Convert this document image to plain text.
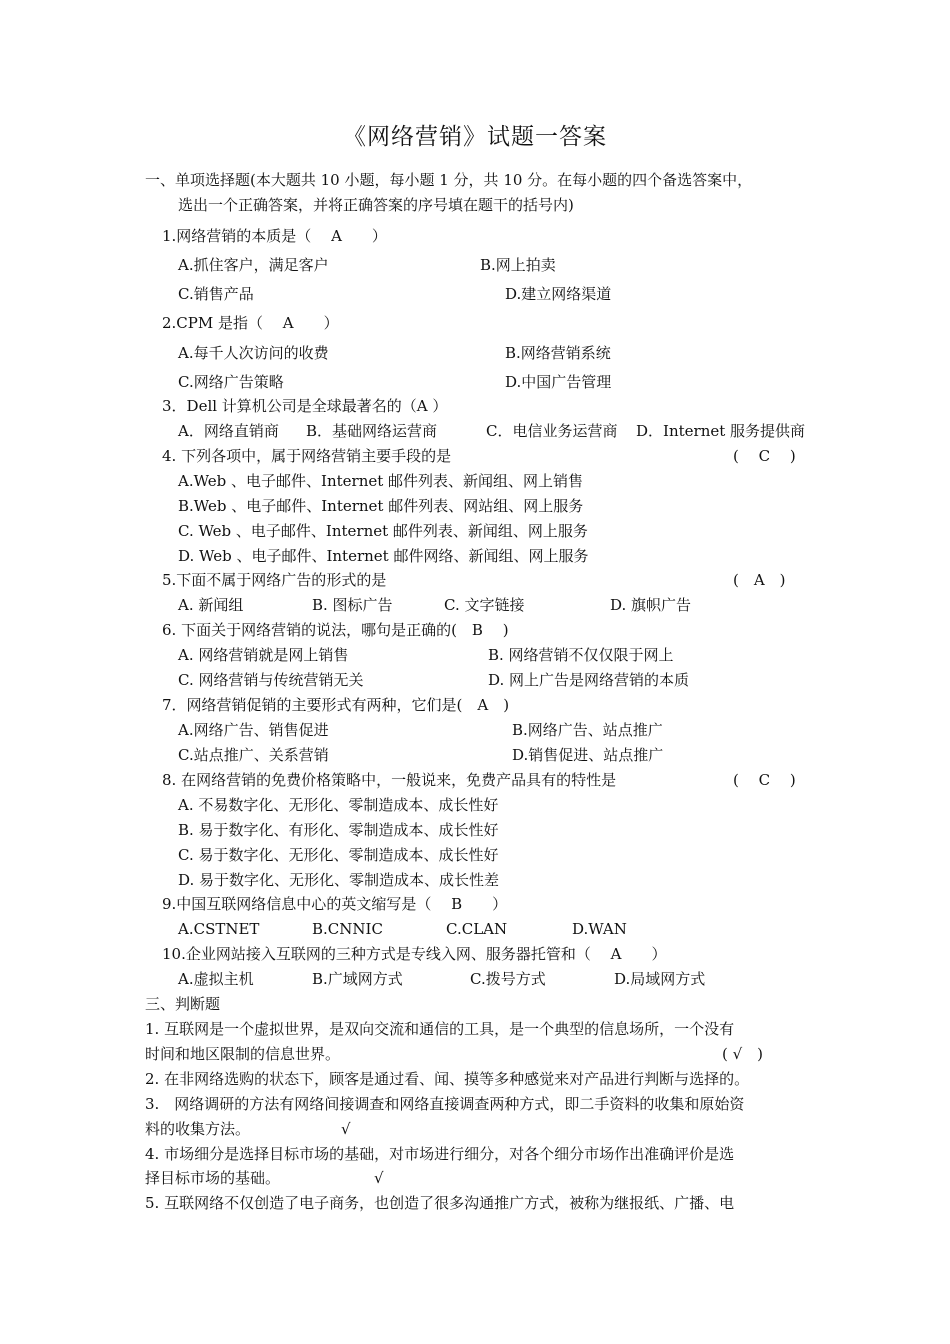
《网络营销》试题一答案
一、单项选择题(本大题共 10 小题，每小题 1 分，共 10 分。在每小题的四个备选答案中，
选出一个正确答案，并将正确答案的序号填在题干的括号内)
1.网络营销的本质是（　 A　　）
A.抓住客户，满足客户	B.网上拍卖
C.销售产品	D.建立网络渠道
2.CPM 是指（　 A　　）
A.每千人次访问的收费	B.网络营销系统
C.网络广告策略	D.中国广告管理
3．Dell 计算机公司是全球最著名的（A ）
A．网络直销商 B．基础网络运营商	C．电信业务运营商 D．Internet 服务提供商
4. 下列各项中，属于网络营销主要手段的是	(　 C　 )
A.Web 、电子邮件、Internet 邮件列表、新闻组、网上销售
B.Web 、电子邮件、Internet 邮件列表、网站组、网上服务
C. Web 、电子邮件、Internet 邮件列表、新闻组、网上服务
D. Web 、电子邮件、Internet 邮件网络、新闻组、网上服务
5.下面不属于网络广告的形式的是	(　A　)
A. 新闻组	B. 图标广告	C. 文字链接	D. 旗帜广告
6. 下面关于网络营销的说法，哪句是正确的(　B　 )
A. 网络营销就是网上销售	B. 网络营销不仅仅限于网上
C. 网络营销与传统营销无关	D. 网上广告是网络营销的本质
7．网络营销促销的主要形式有两种，它们是(　A　)
A.网络广告、销售促进	B.网络广告、站点推广
C.站点推广、关系营销	D.销售促进、站点推广
8. 在网络营销的免费价格策略中，一般说来，免费产品具有的特性是	(　 C　 )
A. 不易数字化、无形化、零制造成本、成长性好
B. 易于数字化、有形化、零制造成本、成长性好
C. 易于数字化、无形化、零制造成本、成长性好
D. 易于数字化、无形化、零制造成本、成长性差
9.中国互联网络信息中心的英文缩写是（　 B　　）
A.CSTNET	B.CNNIC	C.CLAN	D.WAN
10.企业网站接入互联网的三种方式是专线入网、服务器托管和（　 A　　）
A.虚拟主机	B.广域网方式	C.拨号方式	D.局域网方式
三、判断题
1. 互联网是一个虚拟世界，是双向交流和通信的工具，是一个典型的信息场所，一个没有
时间和地区限制的信息世界。	( √　)
2. 在非网络选购的状态下，顾客是通过看、闻、摸等多种感觉来对产品进行判断与选择的。
3.　网络调研的方法有网络间接调查和网络直接调查两种方式，即二手资料的收集和原始资
料的收集方法。	√
4. 市场细分是选择目标市场的基础，对市场进行细分，对各个细分市场作出准确评价是选
择目标市场的基础。	√
5. 互联网络不仅创造了电子商务，也创造了很多沟通推广方式，被称为继报纸、广播、电
